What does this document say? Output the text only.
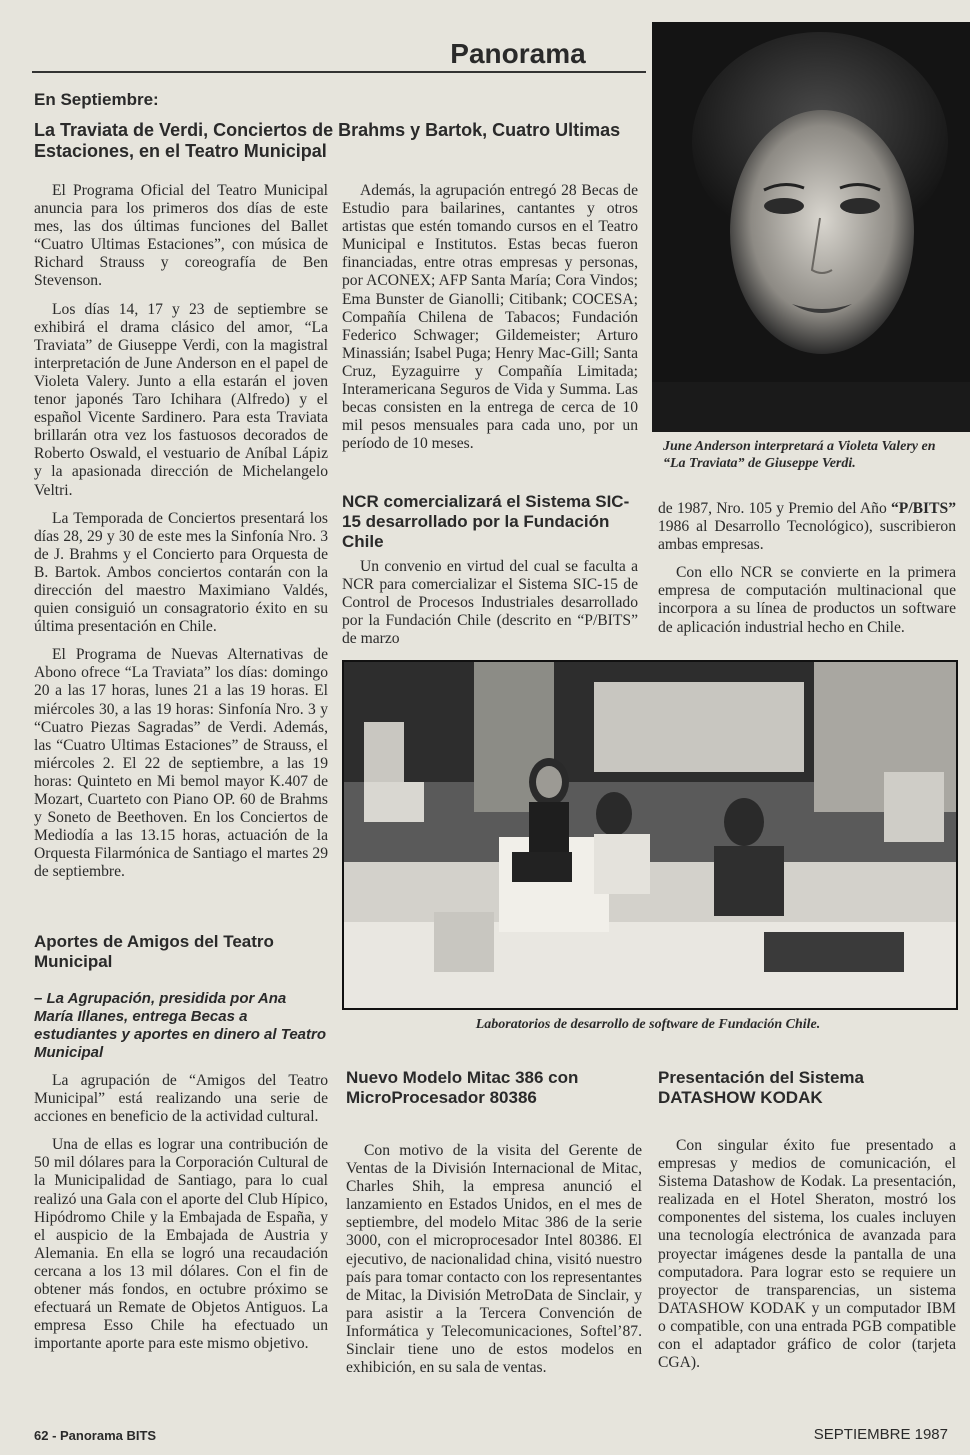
Panorama
En Septiembre:
La Traviata de Verdi, Conciertos de Brahms y Bartok, Cuatro Ultimas Estaciones, en el Teatro Municipal

El Programa Oficial del Teatro Municipal anuncia para los primeros dos días de este mes, las dos últimas funciones del Ballet “Cuatro Ultimas Estaciones”, con música de Richard Strauss y coreografía de Ben Stevenson.

Los días 14, 17 y 23 de septiembre se exhibirá el drama clásico del amor, “La Traviata” de Giuseppe Verdi, con la magistral interpretación de June Anderson en el papel de Violeta Valery. Junto a ella estarán el joven tenor japonés Taro Ichihara (Alfredo) y el español Vicente Sardinero. Para esta Traviata brillarán otra vez los fastuosos decorados de Roberto Oswald, el vestuario de Aníbal Lápiz y la apasionada dirección de Michelangelo Veltri.

La Temporada de Conciertos presentará los días 28, 29 y 30 de este mes la Sinfonía Nro. 3 de J. Brahms y el Concierto para Orquesta de B. Bartok. Ambos conciertos contarán con la dirección del maestro Maximiano Valdés, quien consiguió un consagratorio éxito en su última presentación en Chile.

El Programa de Nuevas Alternativas de Abono ofrece “La Traviata” los días: domingo 20 a las 17 horas, lunes 21 a las 19 horas. El miércoles 30, a las 19 horas: Sinfonía Nro. 3 y “Cuatro Piezas Sagradas” de Verdi. Además, las “Cuatro Ultimas Estaciones” de Strauss, el miércoles 2. El 22 de septiembre, a las 19 horas: Quinteto en Mi bemol mayor K.407 de Mozart, Cuarteto con Piano OP. 60 de Brahms y Soneto de Beethoven. En los Conciertos de Mediodía a las 13.15 horas, actuación de la Orquesta Filarmónica de Santiago el martes 29 de septiembre.

Aportes de Amigos del Teatro Municipal
– La Agrupación, presidida por Ana María Illanes, entrega Becas a estudiantes y aportes en dinero al Teatro Municipal

La agrupación de “Amigos del Teatro Municipal” está realizando una serie de acciones en beneficio de la actividad cultural.

Una de ellas es lograr una contribución de 50 mil dólares para la Corporación Cultural de la Municipalidad de Santiago, para lo cual realizó una Gala con el aporte del Club Hípico, Hipódromo Chile y la Embajada de España, y el auspicio de la Embajada de Austria y Alemania. En ella se logró una recaudación cercana a los 13 mil dólares. Con el fin de obtener más fondos, en octubre próximo se efectuará un Remate de Objetos Antiguos. La empresa Esso Chile ha efectuado un importante aporte para este mismo objetivo.

Además, la agrupación entregó 28 Becas de Estudio para bailarines, cantantes y otros artistas que estén tomando cursos en el Teatro Municipal e Institutos. Estas becas fueron financiadas, entre otras empresas y personas, por ACONEX; AFP Santa María; Cora Vindos; Ema Bunster de Gianolli; Citibank; COCESA; Compañía Chilena de Tabacos; Fundación Federico Schwager; Gildemeister; Arturo Minassián; Isabel Puga; Henry Mac-Gill; Santa Cruz, Eyzaguirre y Compañía Limitada; Interamericana Seguros de Vida y Summa. Las becas consisten en la entrega de cerca de 10 mil pesos mensuales para cada uno, por un período de 10 meses.

NCR comercializará el Sistema SIC-15 desarrollado por la Fundación Chile

Un convenio en virtud del cual se faculta a NCR para comercializar el Sistema SIC-15 de Control de Procesos Industriales desarrollado por la Fundación Chile (descrito en “P/BITS” de marzo

June Anderson interpretará a Violeta Valery en “La Traviata” de Giuseppe Verdi.

de 1987, Nro. 105 y Premio del Año “P/BITS” 1986 al Desarrollo Tecnológico), suscribieron ambas empresas.

Con ello NCR se convierte en la primera empresa de computación multinacional que incorpora a su línea de productos un software de aplicación industrial hecho en Chile.

Laboratorios de desarrollo de software de Fundación Chile.
Nuevo Modelo Mitac 386 con MicroProcesador 80386

Con motivo de la visita del Gerente de Ventas de la División Internacional de Mitac, Charles Shih, la empresa anunció el lanzamiento en Estados Unidos, en el mes de septiembre, del modelo Mitac 386 de la serie 3000, con el microprocesador Intel 80386. El ejecutivo, de nacionalidad china, visitó nuestro país para tomar contacto con los representantes de Mitac, la División MetroData de Sinclair, y para asistir a la Tercera Convención de Informática y Telecomunicaciones, Softel’87. Sinclair tiene uno de estos modelos en exhibición, en su sala de ventas.

Presentación del Sistema DATASHOW KODAK

Con singular éxito fue presentado a empresas y medios de comunicación, el Sistema Datashow de Kodak. La presentación, realizada en el Hotel Sheraton, mostró los componentes del sistema, los cuales incluyen una tecnología electrónica de avanzada para proyectar imágenes desde la pantalla de una computadora. Para lograr esto se requiere un proyector de transparencias, un sistema DATASHOW KODAK y un computador IBM o compatible, con una entrada PGB compatible con el adaptador gráfico de color (tarjeta CGA).

62 - Panorama BITS	SEPTIEMBRE 1987
